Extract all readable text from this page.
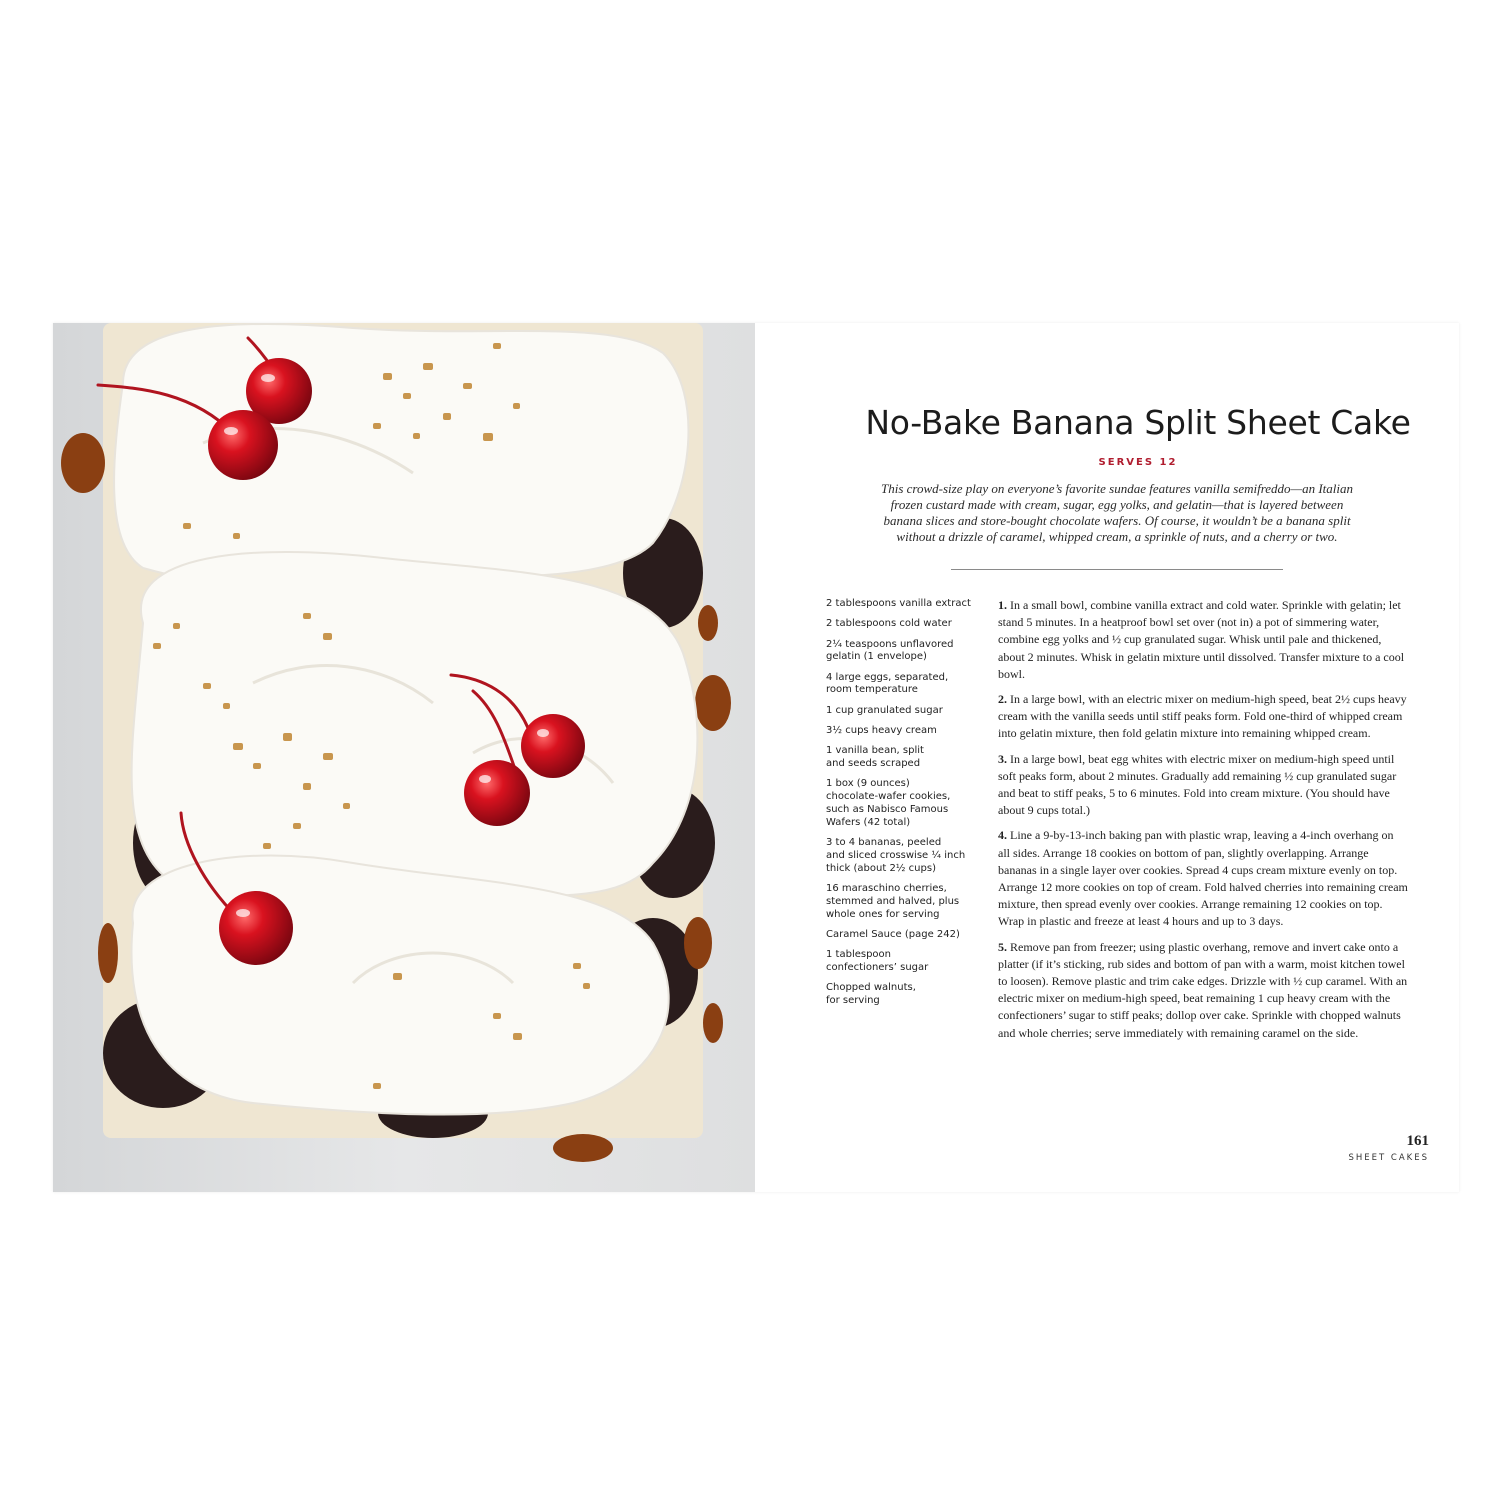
No-Bake Banana Split Sheet Cake
SERVES 12
This crowd-size play on everyone’s favorite sundae features vanilla semifreddo—an Italian frozen custard made with cream, sugar, egg yolks, and gelatin—that is layered between banana slices and store-bought chocolate wafers. Of course, it wouldn’t be a banana split without a drizzle of caramel, whipped cream, a sprinkle of nuts, and a cherry or two.
2 tablespoons vanilla extract
2 tablespoons cold water
2¼ teaspoons unflavored
gelatin (1 envelope)
4 large eggs, separated,
room temperature
1 cup granulated sugar
3½ cups heavy cream
1 vanilla bean, split
and seeds scraped
1 box (9 ounces)
chocolate-wafer cookies,
such as Nabisco Famous
Wafers (42 total)
3 to 4 bananas, peeled
and sliced crosswise ¼ inch
thick (about 2½ cups)
16 maraschino cherries,
stemmed and halved, plus
whole ones for serving
Caramel Sauce (page 242)
1 tablespoon
confectioners’ sugar
Chopped walnuts,
for serving

1. In a small bowl, combine vanilla extract and cold water. Sprinkle with gelatin; let stand 5 minutes. In a heatproof bowl set over (not in) a pot of simmering water, combine egg yolks and ½ cup granulated sugar. Whisk until pale and thickened, about 2 minutes. Whisk in gelatin mixture until dissolved. Transfer mixture to a cool bowl.

2. In a large bowl, with an electric mixer on medium-high speed, beat 2½ cups heavy cream with the vanilla seeds until stiff peaks form. Fold one-third of whipped cream into gelatin mixture, then fold gelatin mixture into remaining whipped cream.

3. In a large bowl, beat egg whites with electric mixer on medium-high speed until soft peaks form, about 2 minutes. Gradually add remaining ½ cup granulated sugar and beat to stiff peaks, 5 to 6 minutes. Fold into cream mixture. (You should have about 9 cups total.)

4. Line a 9-by-13-inch baking pan with plastic wrap, leaving a 4-inch overhang on all sides. Arrange 18 cookies on bottom of pan, slightly overlapping. Arrange bananas in a single layer over cookies. Spread 4 cups cream mixture evenly on top. Arrange 12 more cookies on top of cream. Fold halved cherries into remaining cream mixture, then spread evenly over cookies. Arrange remaining 12 cookies on top. Wrap in plastic and freeze at least 4 hours and up to 3 days.

5. Remove pan from freezer; using plastic overhang, remove and invert cake onto a platter (if it’s sticking, rub sides and bottom of pan with a warm, moist kitchen towel to loosen). Remove plastic and trim cake edges. Drizzle with ½ cup caramel. With an electric mixer on medium-high speed, beat remaining 1 cup heavy cream with the confectioners’ sugar to stiff peaks; dollop over cake. Sprinkle with chopped walnuts and whole cherries; serve immediately with remaining caramel on the side.

161
SHEET CAKES
